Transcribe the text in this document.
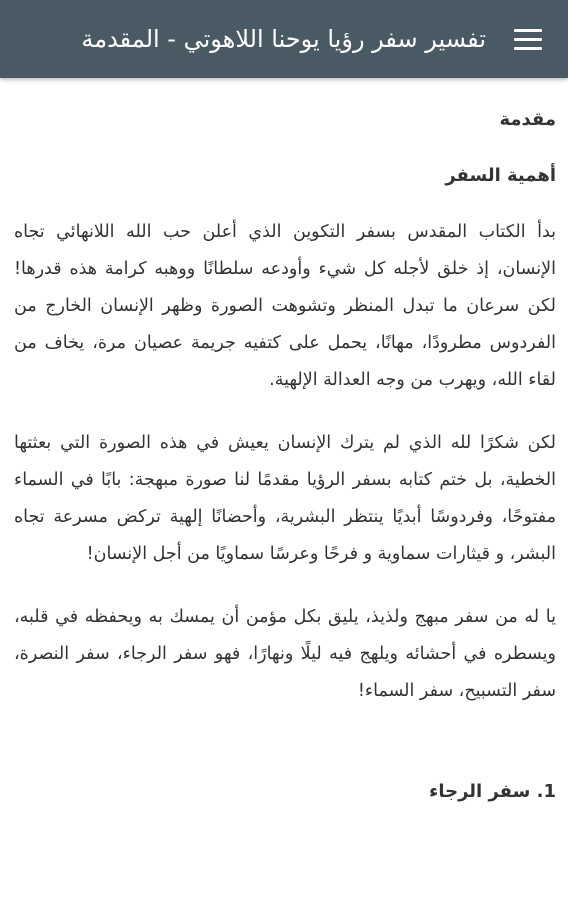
تفسير سفر رؤيا يوحنا اللاهوتي - المقدمة
مقدمة
أهمية السفر

بدأ الكتاب المقدس بسفر التكوين الذي أعلن حب الله اللانهائي تجاه الإنسان، إذ خلق لأجله كل شيء وأودعه سلطانًا ووهبه كرامة هذه قدرها! لكن سرعان ما تبدل المنظر وتشوهت الصورة وظهر الإنسان الخارج من الفردوس مطرودًا، مهانًا، يحمل على كتفيه جريمة عصيان مرة، يخاف من لقاء الله، ويهرب من وجه العدالة الإلهية.

لكن شكرًا لله الذي لم يترك الإنسان يعيش في هذه الصورة التي بعثتها الخطية، بل ختم كتابه بسفر الرؤيا مقدمًا لنا صورة مبهجة: بابًا في السماء مفتوحًا، وفردوسًا أبديًا ينتظر البشرية، وأحضانًا إلهية تركض مسرعة تجاه البشر، و قيثارات سماوية و فرحًا وعرسًا سماويًا من أجل الإنسان!

يا له من سفر مبهج ولذيذ، يليق بكل مؤمن أن يمسك به ويحفظه في قلبه، ويسطره في أحشائه ويلهج فيه ليلًا ونهارًا، فهو سفر الرجاء، سفر النصرة، سفر التسبيح، سفر السماء!

1. سفر الرجاء
